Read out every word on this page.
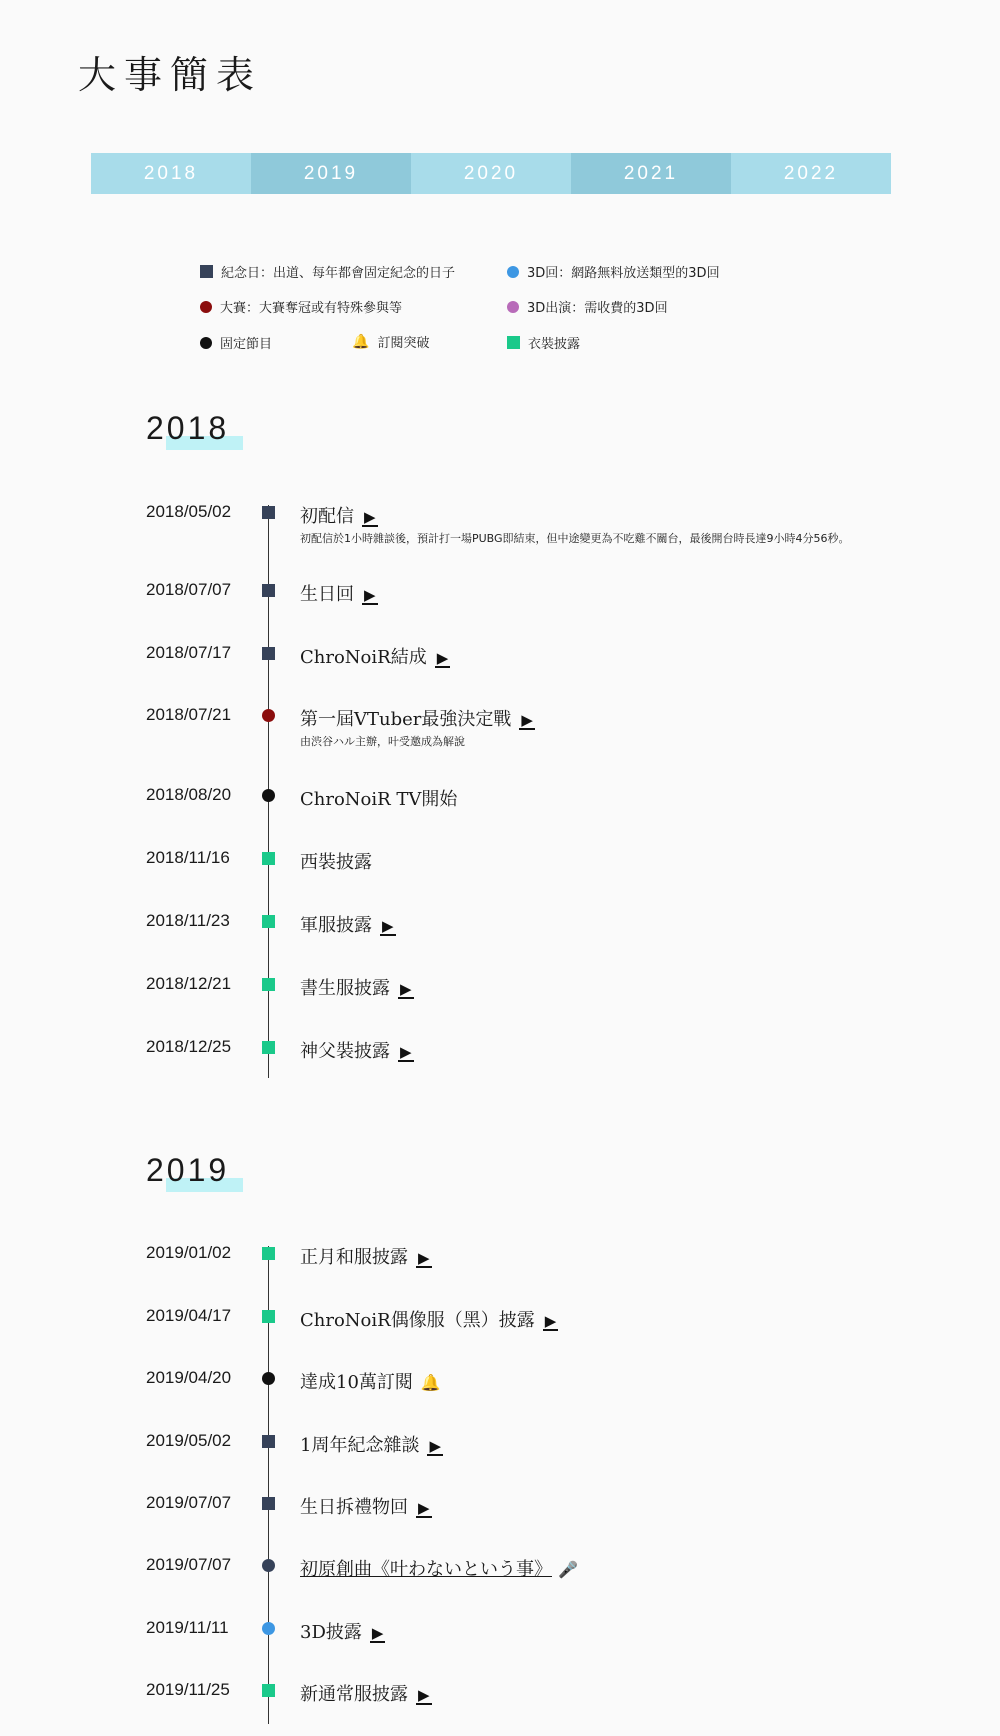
大事簡表
2018	2019	2020	2021	2022
紀念日：出道、每年都會固定紀念的日子
大賽：大賽奪冠或有特殊參與等
固定節目	🔔 訂閱突破
3D回：網路無料放送類型的3D回
3D出演：需收費的3D回
衣裝披露
2018
2018/05/02	初配信 ▶
初配信於1小時雜談後，預計打一場PUBG即結束，但中途變更為不吃雞不關台，最後開台時長達9小時4分56秒。
2018/07/07	生日回 ▶
2018/07/17	ChroNoiR結成 ▶
2018/07/21	第一屆VTuber最強決定戰 ▶
由渋谷ハル主辦，叶受邀成為解說
2018/08/20	ChroNoiR TV開始
2018/11/16	西裝披露
2018/11/23	軍服披露 ▶
2018/12/21	書生服披露 ▶
2018/12/25	神父裝披露 ▶
2019
2019/01/02	正月和服披露 ▶
2019/04/17	ChroNoiR偶像服（黑）披露 ▶
2019/04/20	達成10萬訂閱 🔔
2019/05/02	1周年紀念雜談 ▶
2019/07/07	生日拆禮物回 ▶
2019/07/07	初原創曲《叶わないという事》 🎤
2019/11/11	3D披露 ▶
2019/11/25	新通常服披露 ▶
